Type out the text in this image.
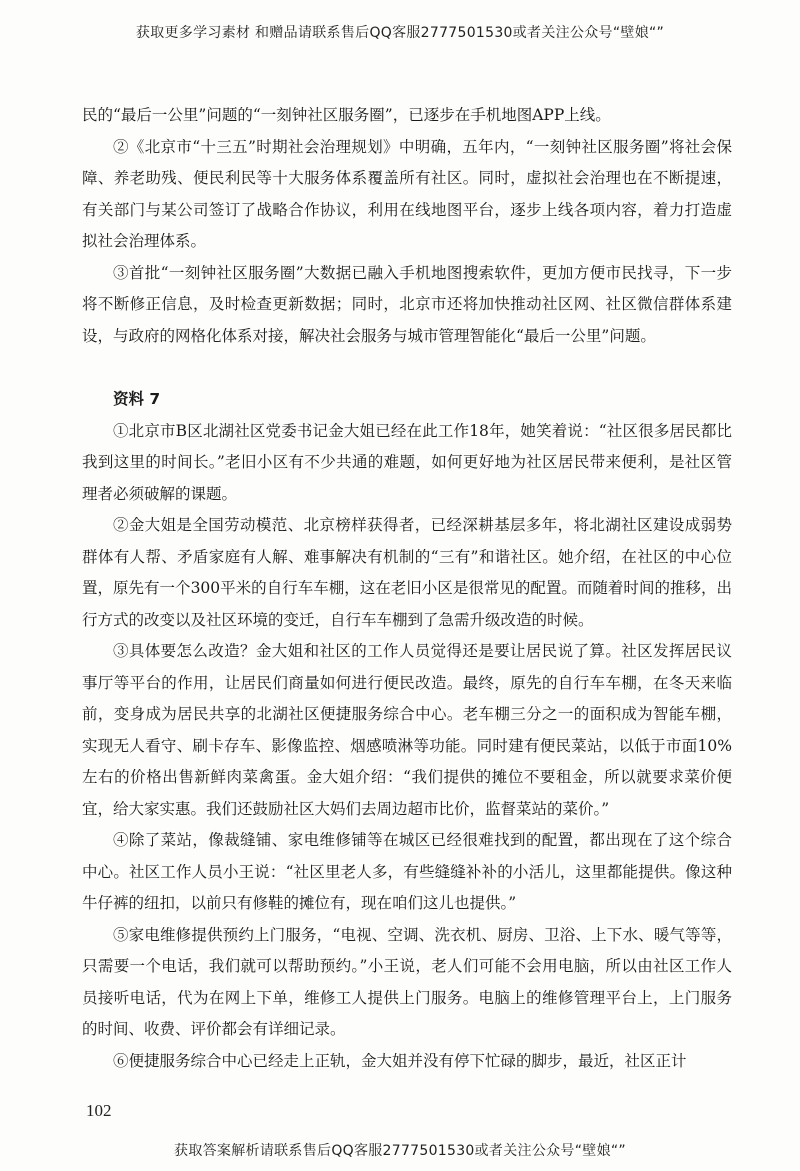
获取更多学习素材 和赠品请联系售后QQ客服2777501530或者关注公众号“壁娘“”

民的“最后一公里”问题的“一刻钟社区服务圈”，已逐步在手机地图APP上线。

②《北京市“十三五”时期社会治理规划》中明确，五年内，“一刻钟社区服务圈”将社会保障、养老助残、便民利民等十大服务体系覆盖所有社区。同时，虚拟社会治理也在不断提速，有关部门与某公司签订了战略合作协议，利用在线地图平台，逐步上线各项内容，着力打造虚拟社会治理体系。

③首批“一刻钟社区服务圈”大数据已融入手机地图搜索软件，更加方便市民找寻，下一步将不断修正信息，及时检查更新数据；同时，北京市还将加快推动社区网、社区微信群体系建设，与政府的网格化体系对接，解决社会服务与城市管理智能化“最后一公里”问题。

资料 7

①北京市B区北湖社区党委书记金大姐已经在此工作18年，她笑着说：“社区很多居民都比我到这里的时间长。”老旧小区有不少共通的难题，如何更好地为社区居民带来便利，是社区管理者必须破解的课题。

②金大姐是全国劳动模范、北京榜样获得者，已经深耕基层多年，将北湖社区建设成弱势群体有人帮、矛盾家庭有人解、难事解决有机制的“三有”和谐社区。她介绍，在社区的中心位置，原先有一个300平米的自行车车棚，这在老旧小区是很常见的配置。而随着时间的推移，出行方式的改变以及社区环境的变迁，自行车车棚到了急需升级改造的时候。

③具体要怎么改造？金大姐和社区的工作人员觉得还是要让居民说了算。社区发挥居民议事厅等平台的作用，让居民们商量如何进行便民改造。最终，原先的自行车车棚，在冬天来临前，变身成为居民共享的北湖社区便捷服务综合中心。老车棚三分之一的面积成为智能车棚，实现无人看守、刷卡存车、影像监控、烟感喷淋等功能。同时建有便民菜站，以低于市面10%左右的价格出售新鲜肉菜禽蛋。金大姐介绍：“我们提供的摊位不要租金，所以就要求菜价便宜，给大家实惠。我们还鼓励社区大妈们去周边超市比价，监督菜站的菜价。”

④除了菜站，像裁缝铺、家电维修铺等在城区已经很难找到的配置，都出现在了这个综合中心。社区工作人员小王说：“社区里老人多，有些缝缝补补的小活儿，这里都能提供。像这种牛仔裤的纽扣，以前只有修鞋的摊位有，现在咱们这儿也提供。”

⑤家电维修提供预约上门服务，“电视、空调、洗衣机、厨房、卫浴、上下水、暖气等等，只需要一个电话，我们就可以帮助预约。”小王说，老人们可能不会用电脑，所以由社区工作人员接听电话，代为在网上下单，维修工人提供上门服务。电脑上的维修管理平台上，上门服务的时间、收费、评价都会有详细记录。

⑥便捷服务综合中心已经走上正轨，金大姐并没有停下忙碌的脚步，最近，社区正计

102
获取答案解析请联系售后QQ客服2777501530或者关注公众号“壁娘“”
